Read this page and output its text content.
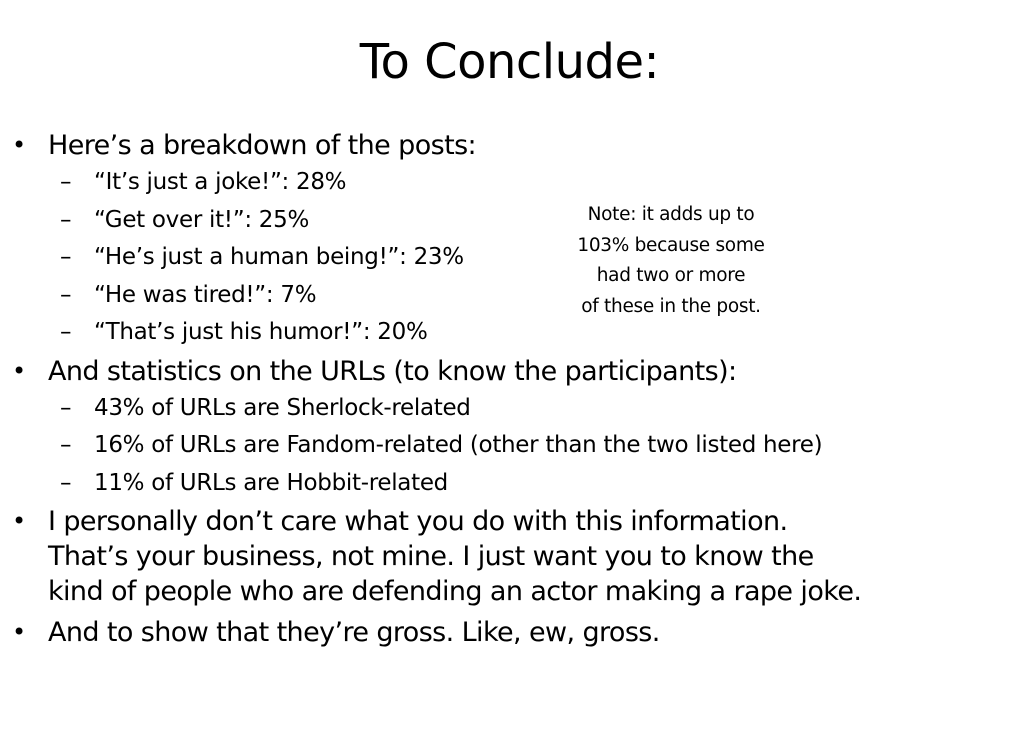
To Conclude:
• Here’s a breakdown of the posts:
– “It’s just a joke!”: 28%
– “Get over it!”: 25%
– “He’s just a human being!”: 23%
– “He was tired!”: 7%
– “That’s just his humor!”: 20%
• And statistics on the URLs (to know the participants):
– 43% of URLs are Sherlock-related
– 16% of URLs are Fandom-related (other than the two listed here)
– 11% of URLs are Hobbit-related
• I personally don’t care what you do with this information.
That’s your business, not mine. I just want you to know the
kind of people who are defending an actor making a rape joke.
• And to show that they’re gross. Like, ew, gross.
Note: it adds up to
103% because some
had two or more
of these in the post.
